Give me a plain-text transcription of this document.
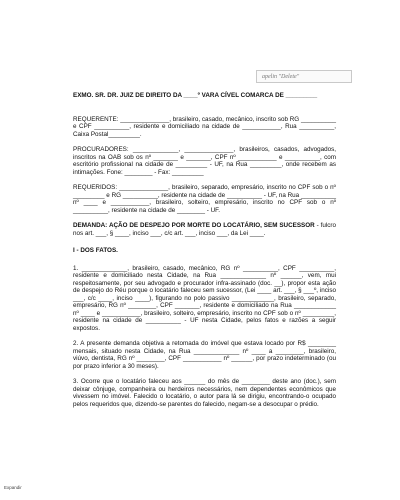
apelin "Delete"

EXMO. SR. DR. JUIZ DE DIREITO DA ____º VARA CÍVEL COMARCA DE _________

REQUERENTE: ______________, brasileiro, casado, mecânico, inscrito sob RG __________ e CPF __________, residente e domiciliado na cidade de ___________, Rua __________, Caixa Postal_________.

PROCURADORES: _____________, ______________, brasileiros, casados, advogados, inscritos na OAB sob os nº _______ e _______, CPF nº ___________ e __________, com escritório profissional na cidade de _________ - UF, na Rua _________, onde recebem as intimações. Fone: ________ - Fax: _________

REQUERIDOS: ______________, brasileiro, separado, empresário, inscrito no CPF sob o nº _________ e RG __________, residente na cidade de __________ - UF, na Rua __________ nº ____ e ___________, brasileiro, solteiro, empresário, inscrito no CPF sob o nº __________, residente na cidade de ________ - UF.

DEMANDA: AÇÃO DE DESPEJO POR MORTE DO LOCATÁRIO, SEM SUCESSOR - fulcro nos art. ___, § ____, inciso ___, c/c art. ___, inciso ___, da Lei ____.

I - DOS FATOS.

1. _____________, brasileiro, casado, mecânico, RG nº __________, CPF __________, residente e domiciliado nesta Cidade, na Rua _____________ nº ______, vem, mui respeitosamente, por seu advogado e procurador infra-assinado (doc. __), propor esta ação de despejo do Réu porque o locatário faleceu sem sucessor, (Lei ____ art. ___, § ___º, inciso ___, c/c ____, inciso ____), figurando no polo passivo ____________, brasileiro, separado, empresário, RG nº ________, CPF _______, residente e domiciliado na Rua ____________ nº ____ e ___________, brasileiro, solteiro, empresário, inscrito no CPF sob o nº _________, residente na cidade de __________ - UF nesta Cidade, pelos fatos e razões a seguir expostos.

2. A presente demanda objetiva a retomada do imóvel que estava locado por R$ ________ mensais, situado nesta Cidade, na Rua _____________ nº ____ a ________, brasileiro, viúvo, dentista, RG nº ________, CPF ___________ nº ______, por prazo indeterminado (ou por prazo inferior a 30 meses).

3. Ocorre que o locatário faleceu aos ______ do mês de ________ deste ano (doc.), sem deixar cônjuge, companheira ou herdeiros necessários, nem dependentes econômicos que vivessem no imóvel. Falecido o locatário, o autor para lá se dirigiu, encontrando-o ocupado pelos requeridos que, dizendo-se parentes do falecido, negam-se a desocupar o prédio.

Expandir
